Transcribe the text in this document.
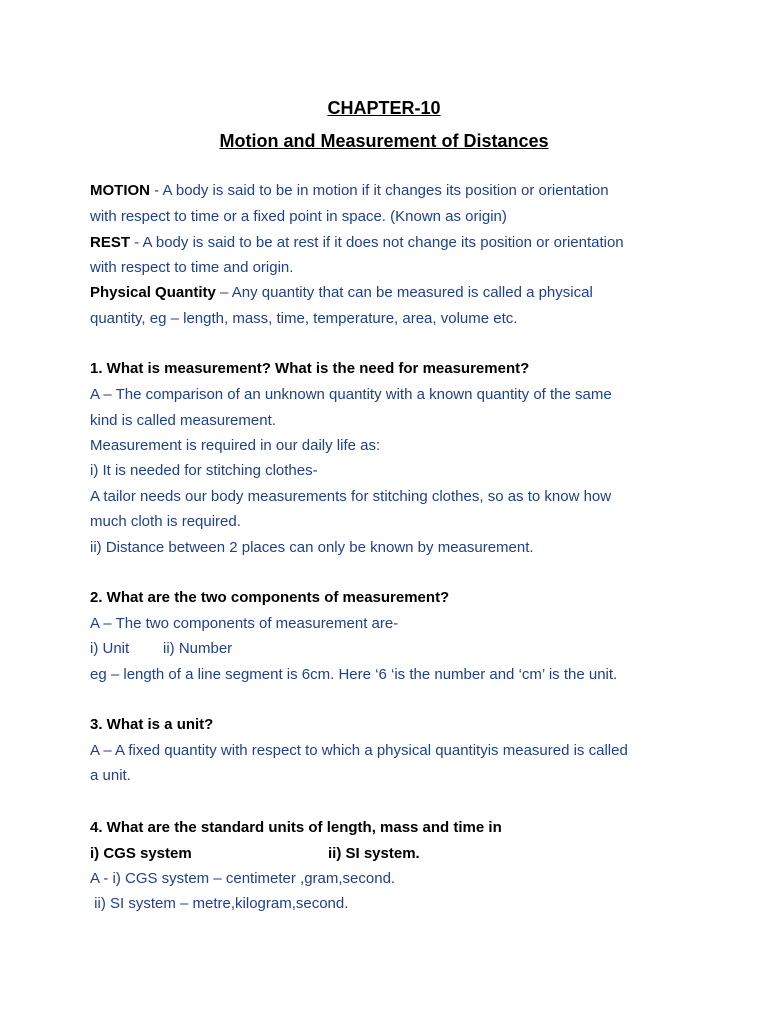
CHAPTER-10
Motion and Measurement of Distances
MOTION - A body is said to be in motion if it changes its position or orientation
with respect to time or a fixed point in space. (Known as origin)
REST - A body is said to be at rest if it does not change its position or orientation
with respect to time and origin.
Physical Quantity – Any quantity that can be measured is called a physical
quantity, eg – length, mass, time, temperature, area, volume etc.
1. What is measurement? What is the need for measurement?
A – The comparison of an unknown quantity with a known quantity of the same
kind is called measurement.
Measurement is required in our daily life as:
i) It is needed for stitching clothes-
A tailor needs our body measurements for stitching clothes, so as to know how
much cloth is required.
ii) Distance between 2 places can only be known by measurement.
2. What are the two components of measurement?
A – The two components of measurement are-
i) Unit ii) Number
eg – length of a line segment is 6cm. Here ‘6 ‘is the number and ‘cm’ is the unit.
3. What is a unit?
A – A fixed quantity with respect to which a physical quantityis measured is called
a unit.
4. What are the standard units of length, mass and time in
i) CGS system	ii) SI system.
A - i) CGS system – centimeter ,gram,second.
ii) SI system – metre,kilogram,second.
